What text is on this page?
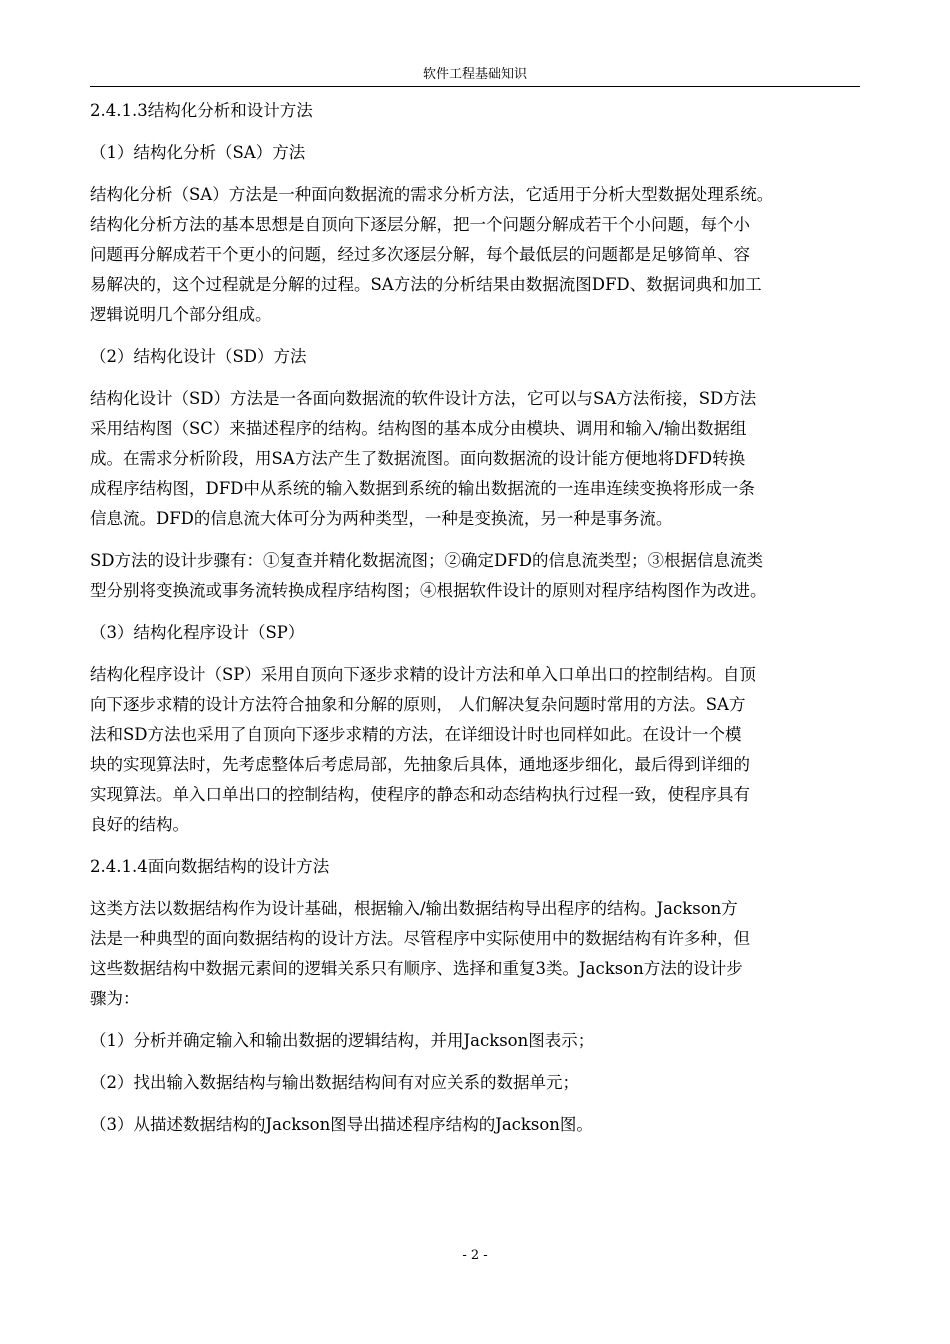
软件工程基础知识
2.4.1.3结构化分析和设计方法
（1）结构化分析（SA）方法
结构化分析（SA）方法是一种面向数据流的需求分析方法，它适用于分析大型数据处理系统。
结构化分析方法的基本思想是自顶向下逐层分解，把一个问题分解成若干个小问题，每个小
问题再分解成若干个更小的问题，经过多次逐层分解，每个最低层的问题都是足够简单、容
易解决的，这个过程就是分解的过程。SA方法的分析结果由数据流图DFD、数据词典和加工
逻辑说明几个部分组成。
（2）结构化设计（SD）方法
结构化设计（SD）方法是一各面向数据流的软件设计方法，它可以与SA方法衔接，SD方法
采用结构图（SC）来描述程序的结构。结构图的基本成分由模块、调用和输入/输出数据组
成。在需求分析阶段，用SA方法产生了数据流图。面向数据流的设计能方便地将DFD转换
成程序结构图，DFD中从系统的输入数据到系统的输出数据流的一连串连续变换将形成一条
信息流。DFD的信息流大体可分为两种类型，一种是变换流，另一种是事务流。
SD方法的设计步骤有：①复查并精化数据流图；②确定DFD的信息流类型；③根据信息流类
型分别将变换流或事务流转换成程序结构图；④根据软件设计的原则对程序结构图作为改进。
（3）结构化程序设计（SP）
结构化程序设计（SP）采用自顶向下逐步求精的设计方法和单入口单出口的控制结构。自顶
向下逐步求精的设计方法符合抽象和分解的原则， 人们解决复杂问题时常用的方法。SA方
法和SD方法也采用了自顶向下逐步求精的方法，在详细设计时也同样如此。在设计一个模
块的实现算法时，先考虑整体后考虑局部，先抽象后具体，通地逐步细化，最后得到详细的
实现算法。单入口单出口的控制结构，使程序的静态和动态结构执行过程一致，使程序具有
良好的结构。
2.4.1.4面向数据结构的设计方法
这类方法以数据结构作为设计基础，根据输入/输出数据结构导出程序的结构。Jackson方
法是一种典型的面向数据结构的设计方法。尽管程序中实际使用中的数据结构有许多种，但
这些数据结构中数据元素间的逻辑关系只有顺序、选择和重复3类。Jackson方法的设计步
骤为：
（1）分析并确定输入和输出数据的逻辑结构，并用Jackson图表示；
（2）找出输入数据结构与输出数据结构间有对应关系的数据单元；
（3）从描述数据结构的Jackson图导出描述程序结构的Jackson图。
- 2 -
